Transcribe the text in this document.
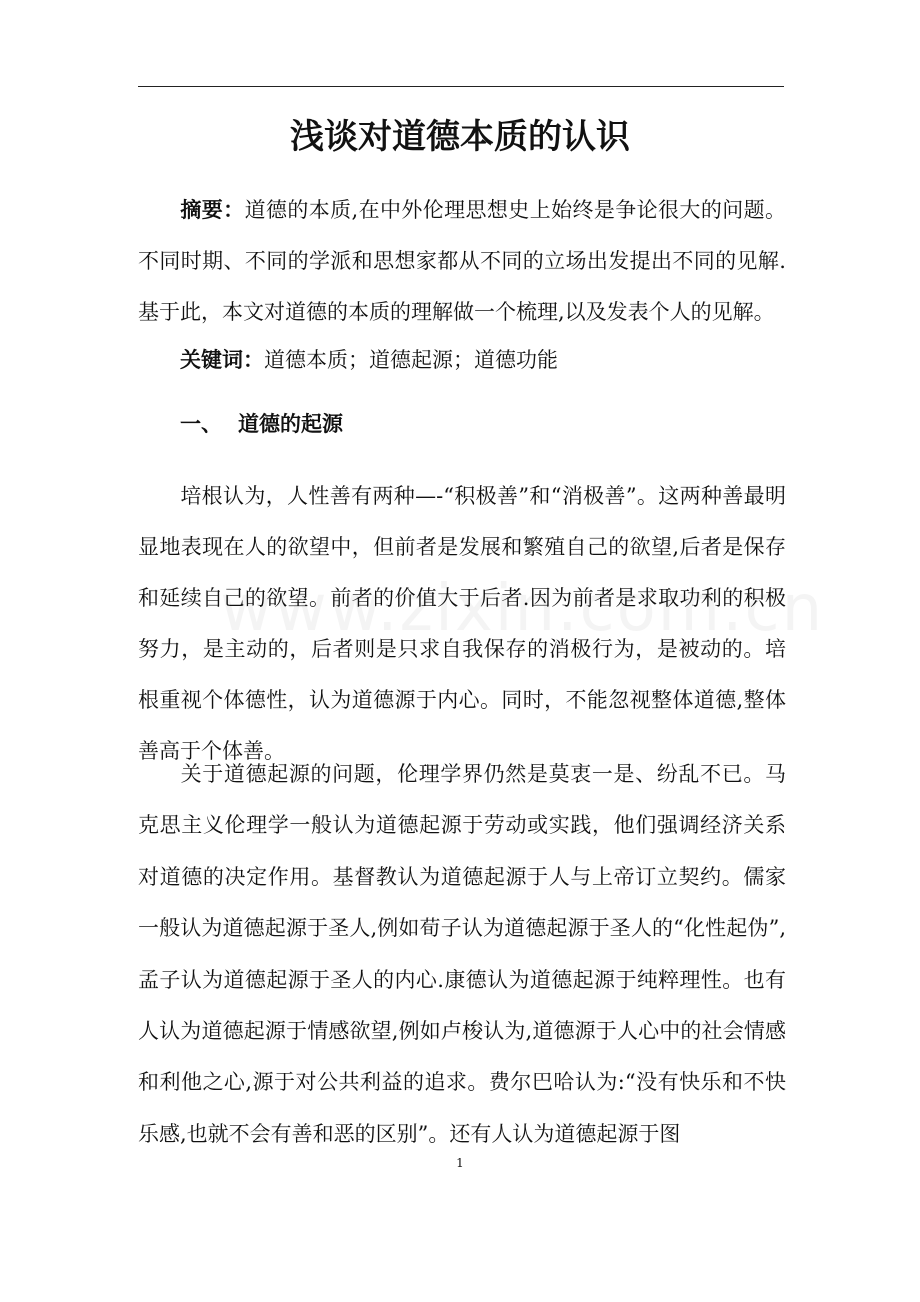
浅谈对道德本质的认识

摘要：道德的本质,在中外伦理思想史上始终是争论很大的问题。不同时期、不同的学派和思想家都从不同的立场出发提出不同的见解.基于此，本文对道德的本质的理解做一个梳理,以及发表个人的见解。

关键词：道德本质；道德起源；道德功能

一、 道德的起源

培根认为，人性善有两种—-“积极善”和“消极善”。这两种善最明显地表现在人的欲望中，但前者是发展和繁殖自己的欲望,后者是保存和延续自己的欲望。前者的价值大于后者.因为前者是求取功利的积极努力，是主动的，后者则是只求自我保存的消极行为，是被动的。培根重视个体德性，认为道德源于内心。同时，不能忽视整体道德,整体善高于个体善。

关于道德起源的问题，伦理学界仍然是莫衷一是、纷乱不已。马克思主义伦理学一般认为道德起源于劳动或实践，他们强调经济关系对道德的决定作用。基督教认为道德起源于人与上帝订立契约。儒家一般认为道德起源于圣人,例如荀子认为道德起源于圣人的“化性起伪”,孟子认为道德起源于圣人的内心.康德认为道德起源于纯粹理性。也有人认为道德起源于情感欲望,例如卢梭认为,道德源于人心中的社会情感和利他之心,源于对公共利益的追求。费尔巴哈认为:“没有快乐和不快乐感,也就不会有善和恶的区别”。还有人认为道德起源于图

1
